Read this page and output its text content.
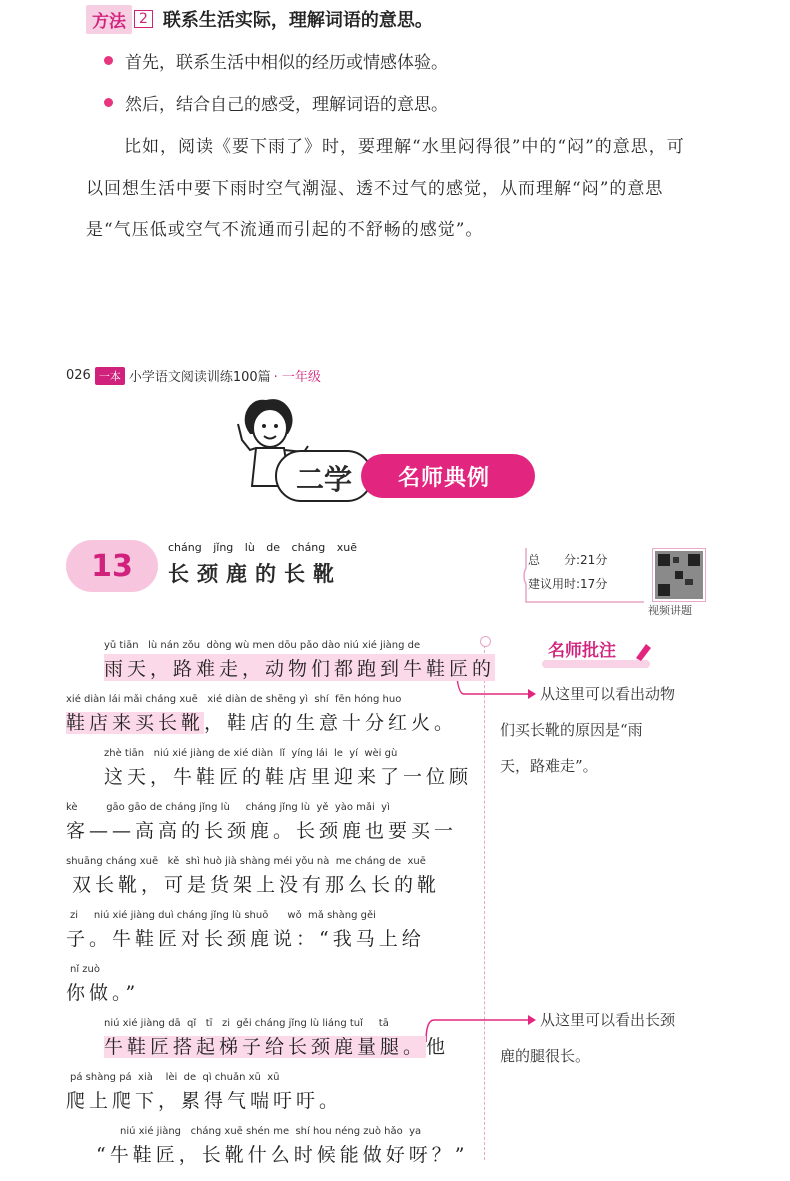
方法 2 联系生活实际，理解词语的意思。
首先，联系生活中相似的经历或情感体验。
然后，结合自己的感受，理解词语的意思。
比如，阅读《要下雨了》时，要理解“水里闷得很”中的“闷”的意思，可
以回想生活中要下雨时空气潮湿、透不过气的感觉，从而理解“闷”的意思
是“气压低或空气不流通而引起的不舒畅的感觉”。
026 一本 小学语文阅读训练100篇 · 一年级
二学 名师典例
13
cháng jǐng lù de cháng xuē
长颈鹿的长靴
总　　分:21分
建议用时:17分
视频讲题
名师批注
从这里可以看出动物
们买长靴的原因是“雨
天，路难走”。
从这里可以看出长颈
鹿的腿很长。
yǔ tiān   lù nán zǒu  dòng wù men dōu pǎo dào niú xié jiàng de
雨天，路难走，动物们都跑到牛鞋匠的
xié diàn lái mǎi cháng xuē   xié diàn de shēng yì  shí  fēn hóng huo
鞋店来买长靴，鞋店的生意十分红火。
zhè tiān   niú xié jiàng de xié diàn  lǐ  yíng lái  le  yí  wèi gù
这天，牛鞋匠的鞋店里迎来了一位顾
kè         gāo gāo de cháng jǐng lù     cháng jǐng lù  yě  yào mǎi  yì
客——高高的长颈鹿。长颈鹿也要买一
shuāng cháng xuē   kě  shì huò jià shàng méi yǒu nà  me cháng de  xuē
双长靴，可是货架上没有那么长的靴
zi     niú xié jiàng duì cháng jǐng lù shuō      wǒ  mǎ shàng gěi
子。牛鞋匠对长颈鹿说：“我马上给
nǐ zuò
你做。”
niú xié jiàng dā  qǐ   tī   zi  gěi cháng jǐng lù liáng tuǐ     tā
牛鞋匠搭起梯子给长颈鹿量腿。他
pá shàng pá  xià    lèi  de  qì chuǎn xū  xū
爬上爬下，累得气喘吁吁。
niú xié jiàng   cháng xuē shén me  shí hou néng zuò hǎo  ya
“牛鞋匠，长靴什么时候能做好呀？”
